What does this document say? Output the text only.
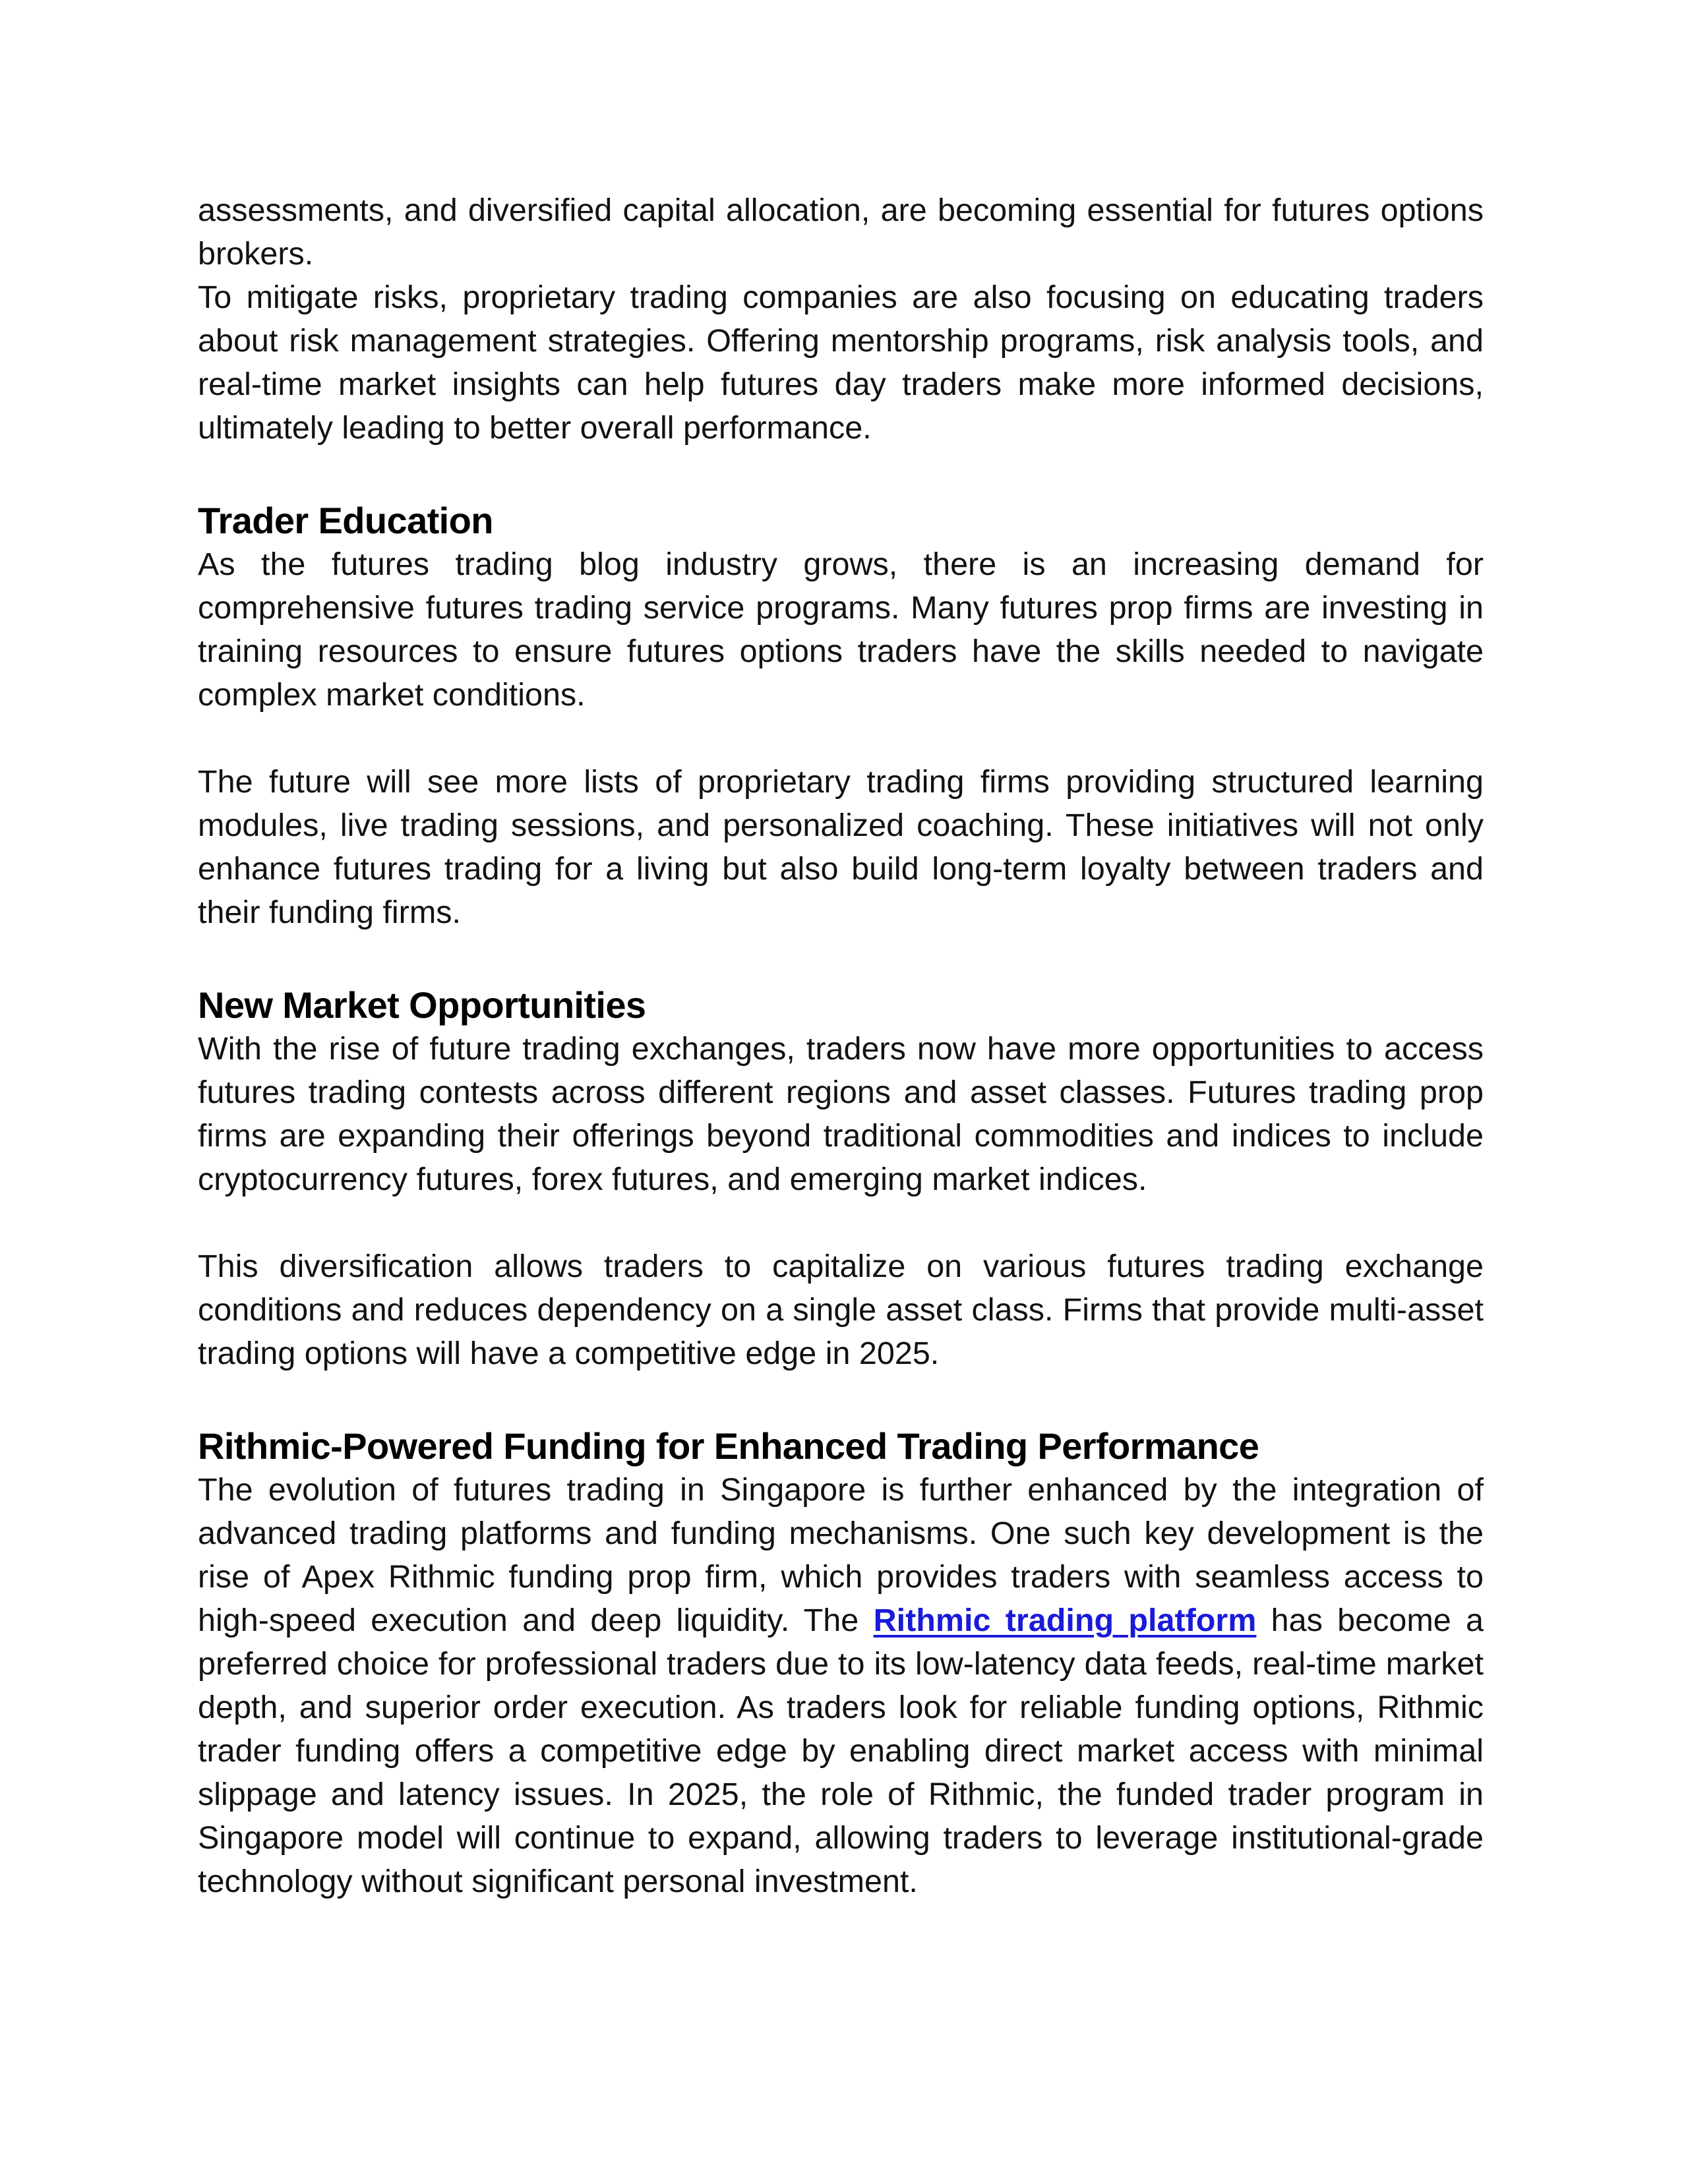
assessments, and diversified capital allocation, are becoming essential for futures options brokers.

To mitigate risks, proprietary trading companies are also focusing on educating traders about risk management strategies. Offering mentorship programs, risk analysis tools, and real-time market insights can help futures day traders make more informed decisions, ultimately leading to better overall performance.

Trader Education

As the futures trading blog industry grows, there is an increasing demand for comprehensive futures trading service programs. Many futures prop firms are investing in training resources to ensure futures options traders have the skills needed to navigate complex market conditions.

The future will see more lists of proprietary trading firms providing structured learning modules, live trading sessions, and personalized coaching. These initiatives will not only enhance futures trading for a living but also build long-term loyalty between traders and their funding firms.

New Market Opportunities

With the rise of future trading exchanges, traders now have more opportunities to access futures trading contests across different regions and asset classes. Futures trading prop firms are expanding their offerings beyond traditional commodities and indices to include cryptocurrency futures, forex futures, and emerging market indices.

This diversification allows traders to capitalize on various futures trading exchange conditions and reduces dependency on a single asset class. Firms that provide multi-asset trading options will have a competitive edge in 2025.

Rithmic-Powered Funding for Enhanced Trading Performance

The evolution of futures trading in Singapore is further enhanced by the integration of advanced trading platforms and funding mechanisms. One such key development is the rise of Apex Rithmic funding prop firm, which provides traders with seamless access to high-speed execution and deep liquidity. The Rithmic trading platform has become a preferred choice for professional traders due to its low-latency data feeds, real-time market depth, and superior order execution. As traders look for reliable funding options, Rithmic trader funding offers a competitive edge by enabling direct market access with minimal slippage and latency issues. In 2025, the role of Rithmic, the funded trader program in Singapore model will continue to expand, allowing traders to leverage institutional-grade technology without significant personal investment.
